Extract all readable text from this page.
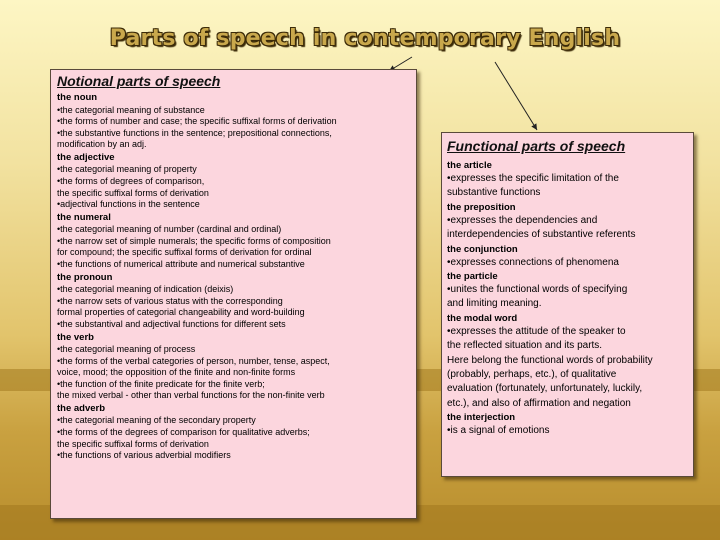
Parts of speech in contemporary English
Notional parts of speech
the noun
•the categorial meaning of substance
•the forms of number and case; the specific suffixal forms of derivation
•the substantive functions in the sentence; prepositional connections,
modification by an adj.
the adjective
•the categorial meaning of property
•the forms of degrees of comparison,
the specific suffixal forms of derivation
•adjectival functions in the sentence
the numeral
•the categorial meaning of number (cardinal and ordinal)
•the narrow set of simple numerals; the specific forms of composition
for compound; the specific suffixal forms of derivation for ordinal
•the functions of numerical attribute and numerical substantive
the pronoun
•the categorial meaning of indication (deixis)
•the narrow sets of various status with the corresponding
formal properties of categorial changeability and word-building
•the substantival and adjectival functions for different sets
the verb
•the categorial meaning of process
•the forms of the verbal categories of person, number, tense, aspect,
voice, mood; the opposition of the finite and non-finite forms
•the function of the finite predicate for the finite verb;
the mixed verbal - other than verbal functions for the non-finite verb
the adverb
•the categorial meaning of the secondary property
•the forms of the degrees of comparison for qualitative adverbs;
the specific suffixal forms of derivation
•the functions of various adverbial modifiers
Functional parts of speech
the article
•expresses the specific limitation of the
substantive functions
the preposition
•expresses the dependencies and
interdependencies of substantive referents
the conjunction
•expresses connections of phenomena
the particle
•unites the functional words of specifying
and limiting meaning.
the modal word
•expresses the attitude of the speaker to
the reflected situation and its parts.
Here belong the functional words of probability
(probably, perhaps, etc.), of qualitative
evaluation (fortunately, unfortunately, luckily,
etc.), and also of affirmation and negation
the interjection
•is a signal of emotions
